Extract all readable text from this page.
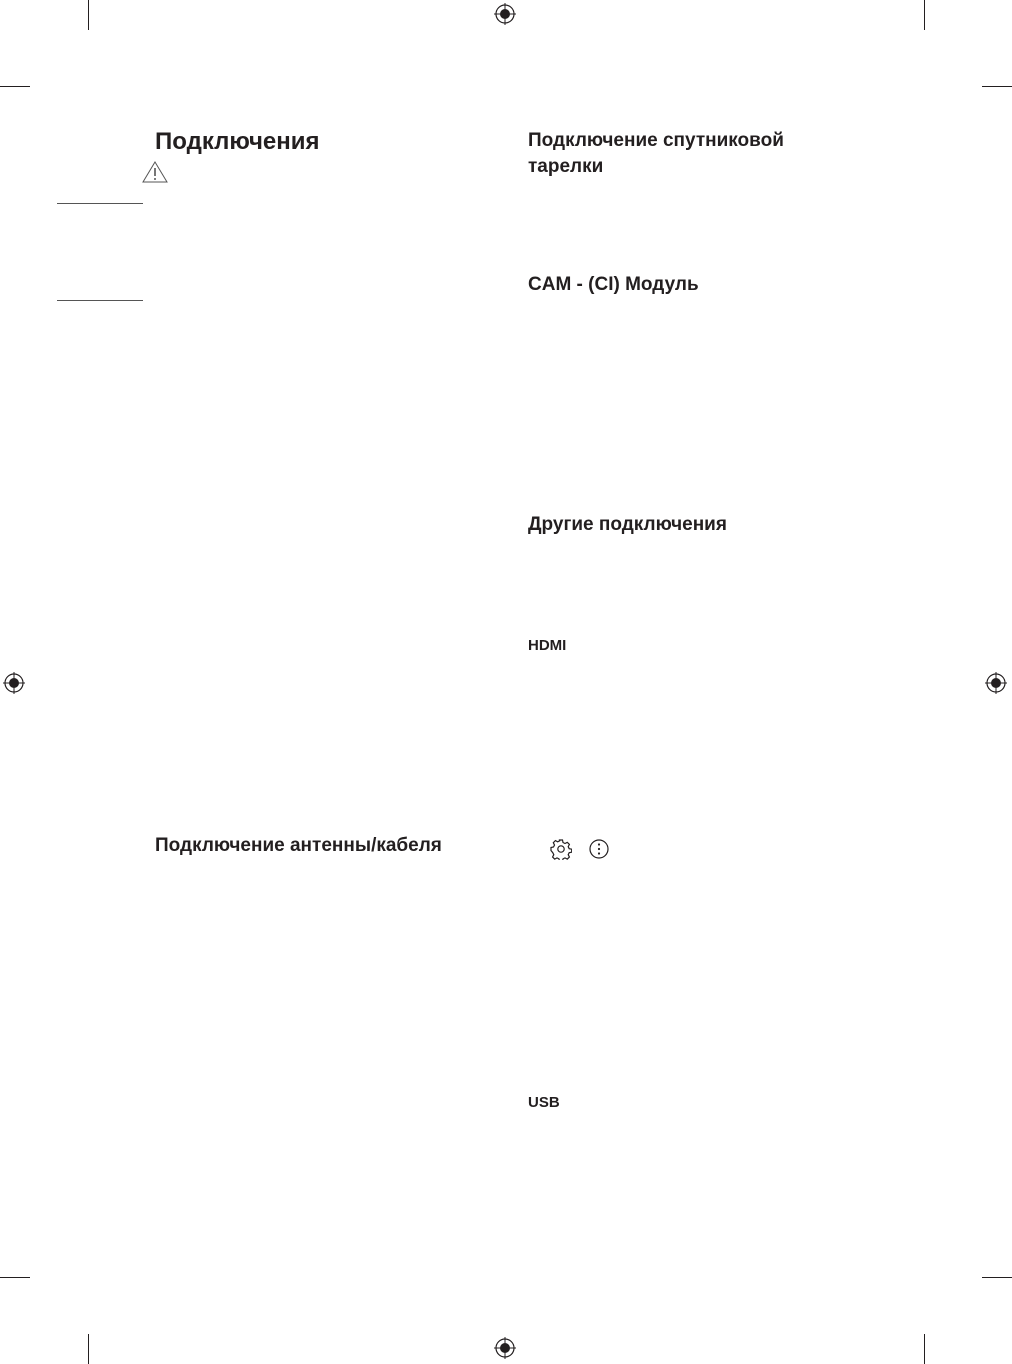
Подключения
Подключение антенны/кабеля
Подключение спутниковой тарелки
CAM - (CI) Модуль
Другие подключения
HDMI
USB
